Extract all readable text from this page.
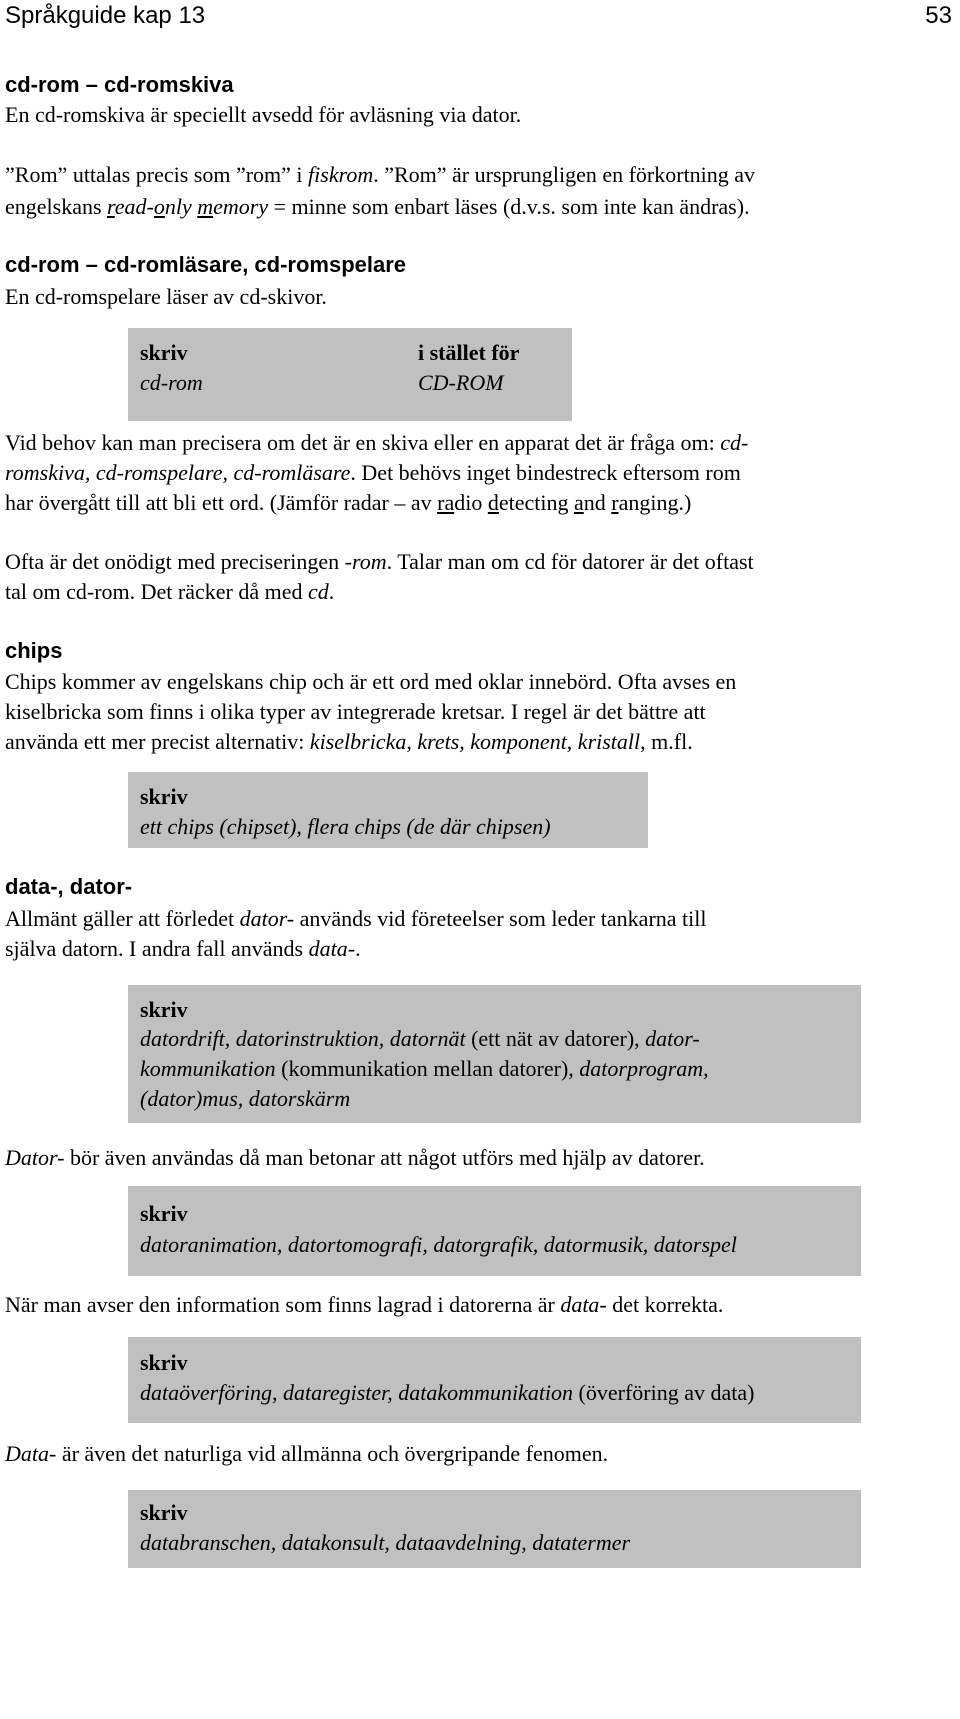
Språkguide kap 13	53
cd-rom – cd-romskiva
En cd-romskiva är speciellt avsedd för avläsning via dator.
”Rom” uttalas precis som ”rom” i fiskrom. ”Rom” är ursprungligen en förkortning av
engelskans read-only memory = minne som enbart läses (d.v.s. som inte kan ändras).
cd-rom – cd-romläsare, cd-romspelare
En cd-romspelare läser av cd-skivor.
skriv
cd-rom
i stället för
CD-ROM
Vid behov kan man precisera om det är en skiva eller en apparat det är fråga om: cd-
romskiva, cd-romspelare, cd-romläsare. Det behövs inget bindestreck eftersom rom
har övergått till att bli ett ord. (Jämför radar – av radio detecting and ranging.)
Ofta är det onödigt med preciseringen -rom. Talar man om cd för datorer är det oftast
tal om cd-rom. Det räcker då med cd.
chips
Chips kommer av engelskans chip och är ett ord med oklar innebörd. Ofta avses en
kiselbricka som finns i olika typer av integrerade kretsar. I regel är det bättre att
använda ett mer precist alternativ: kiselbricka, krets, komponent, kristall, m.fl.
skriv
ett chips (chipset), flera chips (de där chipsen)
data-, dator-
Allmänt gäller att förledet dator- används vid företeelser som leder tankarna till
själva datorn. I andra fall används data-.
skriv
datordrift, datorinstruktion, datornät (ett nät av datorer), dator-
kommunikation (kommunikation mellan datorer), datorprogram,
(dator)mus, datorskärm
Dator- bör även användas då man betonar att något utförs med hjälp av datorer.
skriv
datoranimation, datortomografi, datorgrafik, datormusik, datorspel
När man avser den information som finns lagrad i datorerna är data- det korrekta.
skriv
dataöverföring, dataregister, datakommunikation (överföring av data)
Data- är även det naturliga vid allmänna och övergripande fenomen.
skriv
databranschen, datakonsult, dataavdelning, datatermer
